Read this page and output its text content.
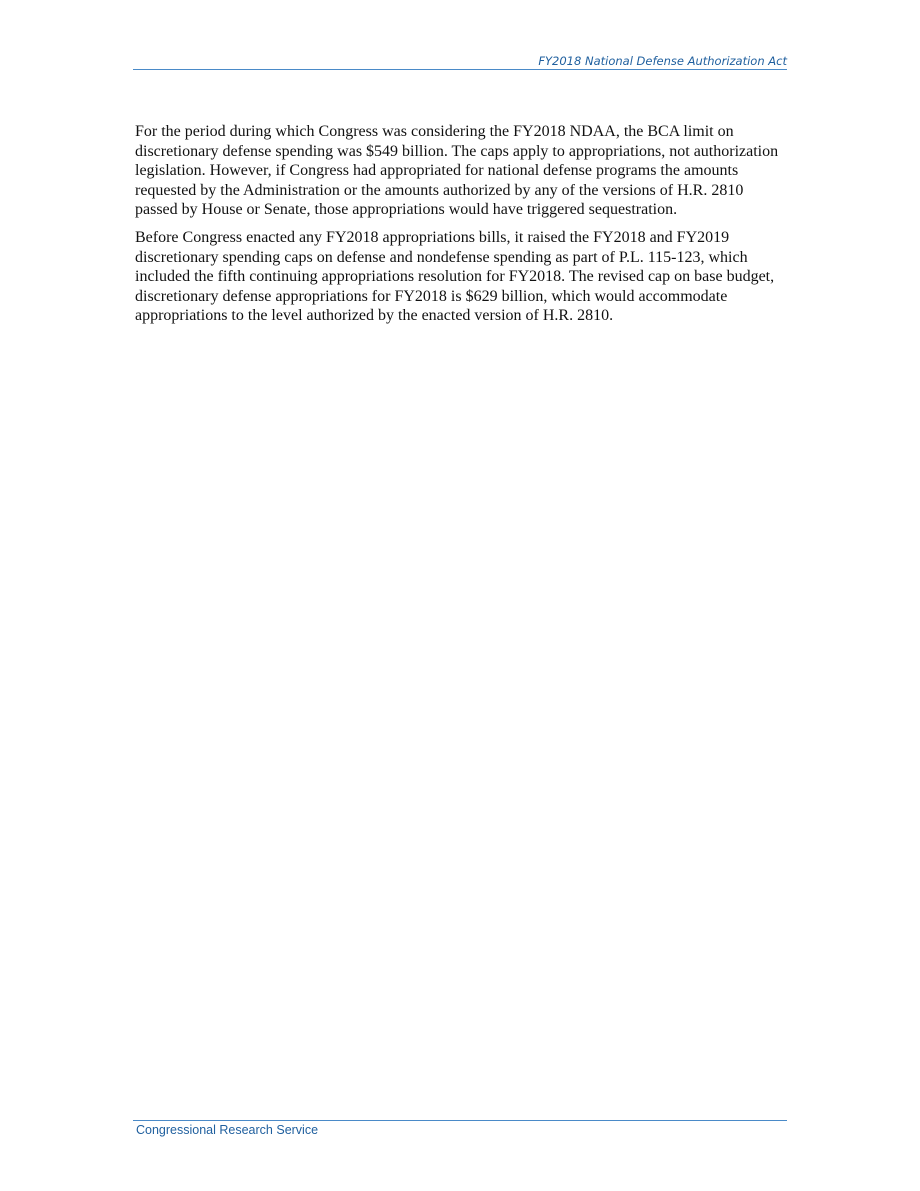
FY2018 National Defense Authorization Act

For the period during which Congress was considering the FY2018 NDAA, the BCA limit on discretionary defense spending was $549 billion. The caps apply to appropriations, not authorization legislation. However, if Congress had appropriated for national defense programs the amounts requested by the Administration or the amounts authorized by any of the versions of H.R. 2810 passed by House or Senate, those appropriations would have triggered sequestration.

Before Congress enacted any FY2018 appropriations bills, it raised the FY2018 and FY2019 discretionary spending caps on defense and nondefense spending as part of P.L. 115-123, which included the fifth continuing appropriations resolution for FY2018. The revised cap on base budget, discretionary defense appropriations for FY2018 is $629 billion, which would accommodate appropriations to the level authorized by the enacted version of H.R. 2810.

Congressional Research Service
